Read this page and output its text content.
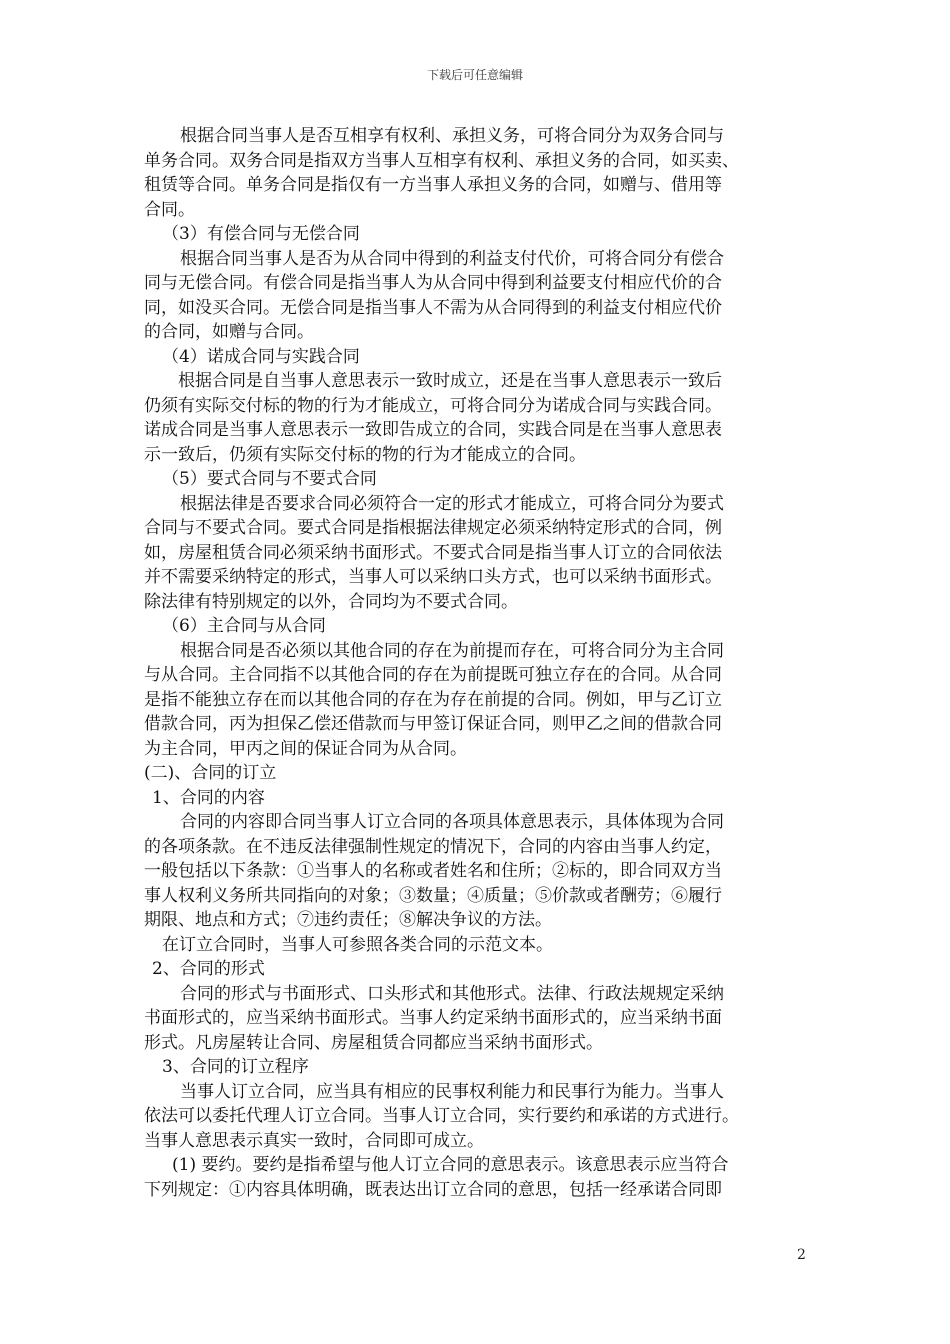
下载后可任意编辑
根据合同当事人是否互相享有权利、承担义务，可将合同分为双务合同与
单务合同。双务合同是指双方当事人互相享有权利、承担义务的合同，如买卖、
租赁等合同。单务合同是指仅有一方当事人承担义务的合同，如赠与、借用等
合同。
（3）有偿合同与无偿合同
根据合同当事人是否为从合同中得到的利益支付代价，可将合同分有偿合
同与无偿合同。有偿合同是指当事人为从合同中得到利益要支付相应代价的合
同，如没买合同。无偿合同是指当事人不需为从合同得到的利益支付相应代价
的合同，如赠与合同。
（4）诺成合同与实践合同
根据合同是自当事人意思表示一致时成立，还是在当事人意思表示一致后
仍须有实际交付标的物的行为才能成立，可将合同分为诺成合同与实践合同。
诺成合同是当事人意思表示一致即告成立的合同，实践合同是在当事人意思表
示一致后，仍须有实际交付标的物的行为才能成立的合同。
（5）要式合同与不要式合同
根据法律是否要求合同必须符合一定的形式才能成立，可将合同分为要式
合同与不要式合同。要式合同是指根据法律规定必须采纳特定形式的合同，例
如，房屋租赁合同必须采纳书面形式。不要式合同是指当事人订立的合同依法
并不需要采纳特定的形式，当事人可以采纳口头方式，也可以采纳书面形式。
除法律有特别规定的以外，合同均为不要式合同。
（6）主合同与从合同
根据合同是否必须以其他合同的存在为前提而存在，可将合同分为主合同
与从合同。主合同指不以其他合同的存在为前提既可独立存在的合同。从合同
是指不能独立存在而以其他合同的存在为存在前提的合同。例如，甲与乙订立
借款合同，丙为担保乙偿还借款而与甲签订保证合同，则甲乙之间的借款合同
为主合同，甲丙之间的保证合同为从合同。
(二)、合同的订立
1、合同的内容
合同的内容即合同当事人订立合同的各项具体意思表示，具体体现为合同
的各项条款。在不违反法律强制性规定的情况下，合同的内容由当事人约定，
一般包括以下条款：①当事人的名称或者姓名和住所；②标的，即合同双方当
事人权利义务所共同指向的对象；③数量；④质量；⑤价款或者酬劳；⑥履行
期限、地点和方式；⑦违约责任；⑧解决争议的方法。
在订立合同时，当事人可参照各类合同的示范文本。
2、合同的形式
合同的形式与书面形式、口头形式和其他形式。法律、行政法规规定采纳
书面形式的，应当采纳书面形式。当事人约定采纳书面形式的，应当采纳书面
形式。凡房屋转让合同、房屋租赁合同都应当采纳书面形式。
3、合同的订立程序
当事人订立合同，应当具有相应的民事权利能力和民事行为能力。当事人
依法可以委托代理人订立合同。当事人订立合同，实行要约和承诺的方式进行。
当事人意思表示真实一致时，合同即可成立。
(1) 要约。要约是指希望与他人订立合同的意思表示。该意思表示应当符合
下列规定：①内容具体明确，既表达出订立合同的意思，包括一经承诺合同即
2
